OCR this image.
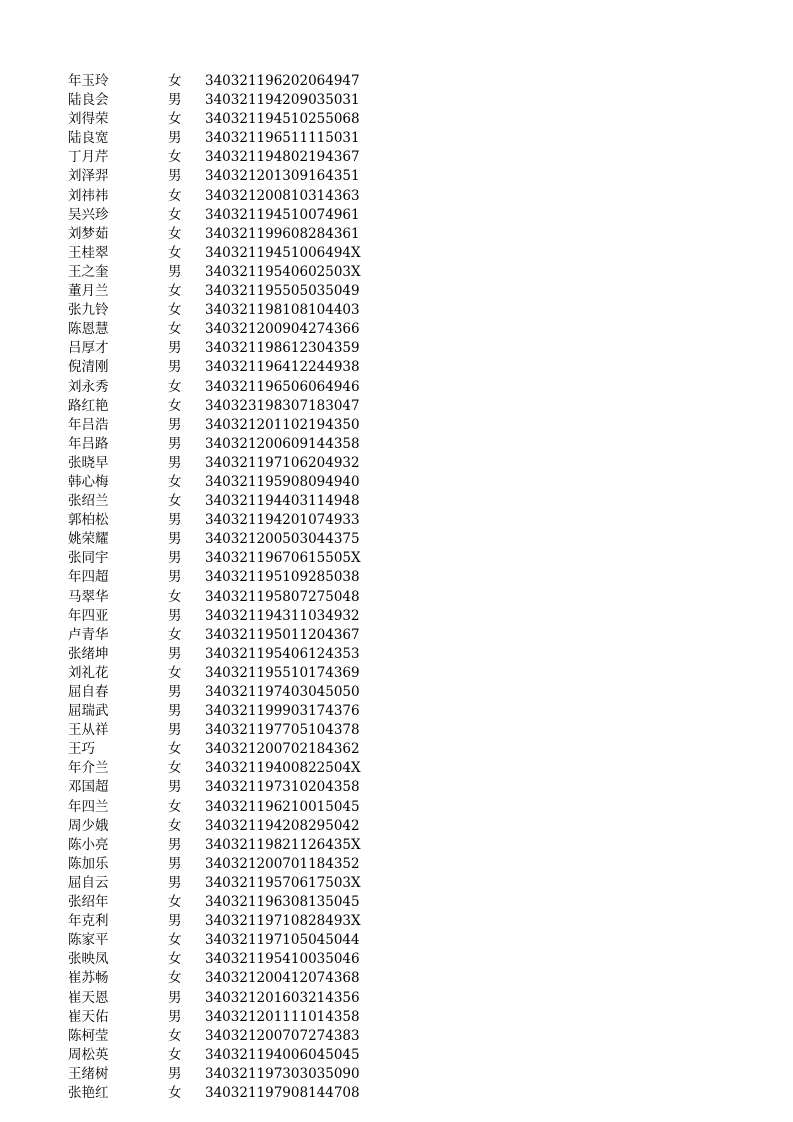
年玉玲	女 340321196202064947
陆良会	男 340321194209035031
刘得荣	女 340321194510255068
陆良宽	男 340321196511115031
丁月芹	女 340321194802194367
刘泽羿	男 340321201309164351
刘祎祎	女 340321200810314363
吴兴珍	女 340321194510074961
刘梦茹	女 340321199608284361
王桂翠	女 34032119451006494X
王之奎	男 34032119540602503X
董月兰	女 340321195505035049
张九铃	女 340321198108104403
陈恩慧	女 340321200904274366
吕厚才	男 340321198612304359
倪清刚	男 340321196412244938
刘永秀	女 340321196506064946
路红艳	女 340323198307183047
年吕浩	男 340321201102194350
年吕路	男 340321200609144358
张晓早	男 340321197106204932
韩心梅	女 340321195908094940
张绍兰	女 340321194403114948
郭柏松	男 340321194201074933
姚荣耀	男 340321200503044375
张同宇	男 34032119670615505X
年四超	男 340321195109285038
马翠华	女 340321195807275048
年四亚	男 340321194311034932
卢青华	女 340321195011204367
张绪坤	男 340321195406124353
刘礼花	女 340321195510174369
屈自春	男 340321197403045050
屈瑞武	男 340321199903174376
王从祥	男 340321197705104378
王巧	女 340321200702184362
年介兰	女 34032119400822504X
邓国超	男 340321197310204358
年四兰	女 340321196210015045
周少娥	女 340321194208295042
陈小亮	男 34032119821126435X
陈加乐	男 340321200701184352
屈自云	男 34032119570617503X
张绍年	女 340321196308135045
年克利	男 34032119710828493X
陈家平	女 340321197105045044
张映凤	女 340321195410035046
崔苏畅	女 340321200412074368
崔天恩	男 340321201603214356
崔天佑	男 340321201111014358
陈柯莹	女 340321200707274383
周松英	女 340321194006045045
王绪树	男 340321197303035090
张艳红	女 340321197908144708
